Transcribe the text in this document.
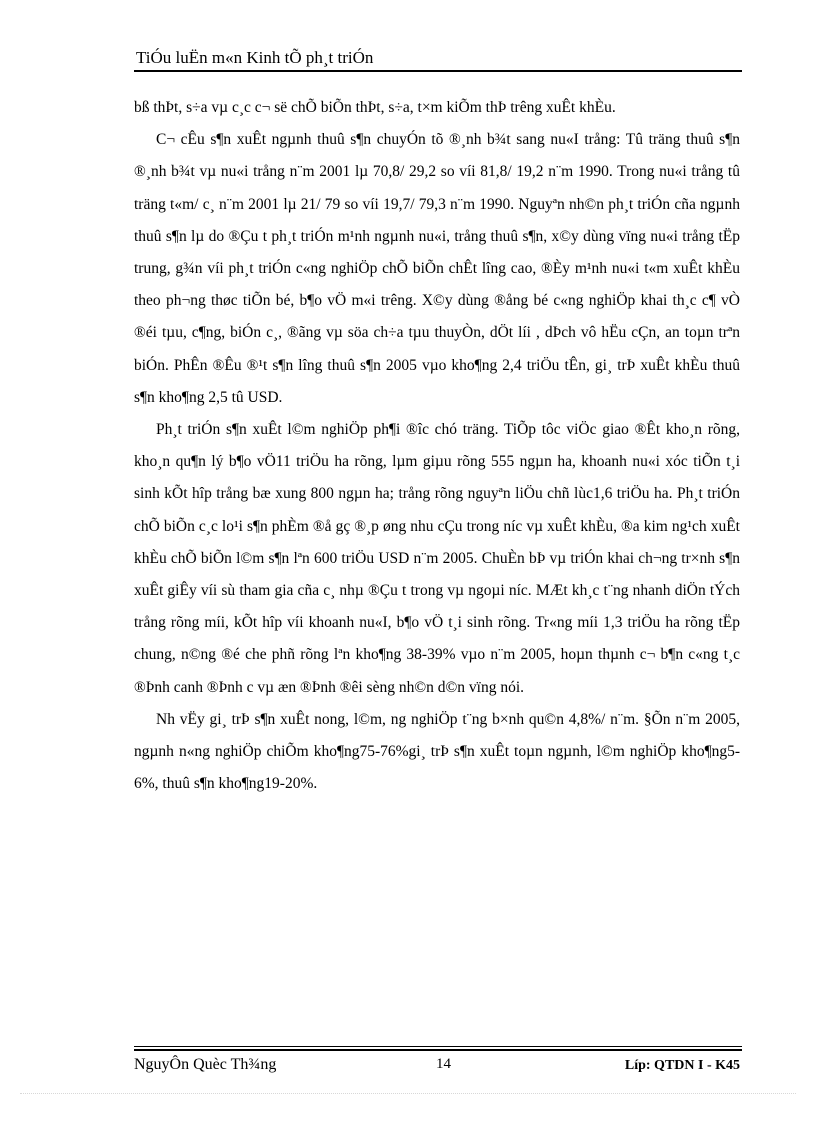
TiÓu luËn m«n Kinh tÕ ph¸t triÓn

bß thÞt, s÷a vµ c¸c c¬ së chÕ biÕn thÞt, s÷a, t×m kiÕm thÞ trêng xuÊt khÈu.

C¬ cÊu s¶n xuÊt ngµnh thuû s¶n chuyÓn tõ ®¸nh b¾t sang nu«I trång: Tû träng thuû s¶n ®¸nh b¾t vµ nu«i trång n¨m 2001 lµ 70,8/ 29,2 so víi 81,8/ 19,2 n¨m 1990. Trong nu«i trång tû träng t«m/ c¸ n¨m 2001 lµ 21/ 79 so víi 19,7/ 79,3 n¨m 1990. Nguyªn nh©n ph¸t triÓn cña ngµnh thuû s¶n lµ do ®Çu t ph¸t triÓn m¹nh ngµnh nu«i, trång thuû s¶n, x©y dùng vïng nu«i trång tËp trung, g¾n víi ph¸t triÓn c«ng nghiÖp chÕ biÕn chÊt lîng cao, ®Èy m¹nh nu«i t«m xuÊt khÈu theo ph¬ng thøc tiÕn bé, b¶o vÖ m«i trêng. X©y dùng ®ång bé c«ng nghiÖp khai th¸c c¶ vÒ ®éi tµu, c¶ng, biÓn c¸, ®ãng vµ söa ch÷a tµu thuyÒn, dÖt líi , dÞch vô hËu cÇn, an toµn trªn biÓn. PhÊn ®Êu ®¹t s¶n lîng thuû s¶n 2005 vµo kho¶ng 2,4 triÖu tÊn, gi¸ trÞ xuÊt khÈu thuû s¶n kho¶ng 2,5 tû USD.

Ph¸t triÓn s¶n xuÊt l©m nghiÖp ph¶i ®îc chó träng. TiÕp tôc viÖc giao ®Êt kho¸n rõng, kho¸n qu¶n lý b¶o vÖ11 triÖu ha rõng, lµm giµu rõng 555 ngµn ha, khoanh nu«i xóc tiÕn t¸i sinh kÕt hîp trång bæ xung 800 ngµn ha; trång rõng nguyªn liÖu chñ lùc1,6 triÖu ha. Ph¸t triÓn chÕ biÕn c¸c lo¹i s¶n phÈm ®å gç ®¸p øng nhu cÇu trong níc vµ xuÊt khÈu, ®a kim ng¹ch xuÊt khÈu chÕ biÕn l©m s¶n lªn 600 triÖu USD n¨m 2005. ChuÈn bÞ vµ triÓn khai ch¬ng tr×nh s¶n xuÊt giÊy víi sù tham gia cña c¸ nhµ ®Çu t trong vµ ngoµi níc. MÆt kh¸c t¨ng nhanh diÖn tÝch trång rõng míi, kÕt hîp víi khoanh nu«I, b¶o vÖ t¸i sinh rõng. Tr«ng míi 1,3 triÖu ha rõng tËp chung, n©ng ®é che phñ rõng lªn kho¶ng 38-39% vµo n¨m 2005, hoµn thµnh c¬ b¶n c«ng t¸c ®Þnh canh ®Þnh c vµ æn ®Þnh ®êi sèng nh©n d©n vïng nói.

Nh vËy gi¸ trÞ s¶n xuÊt nong, l©m, ng nghiÖp t¨ng b×nh qu©n 4,8%/ n¨m. §Õn n¨m 2005, ngµnh n«ng nghiÖp chiÕm kho¶ng75-76%gi¸ trÞ s¶n xuÊt toµn ngµnh, l©m nghiÖp kho¶ng5-6%, thuû s¶n kho¶ng19-20%.

NguyÔn Quèc Th¾ng	14	Líp: QTDN I - K45
